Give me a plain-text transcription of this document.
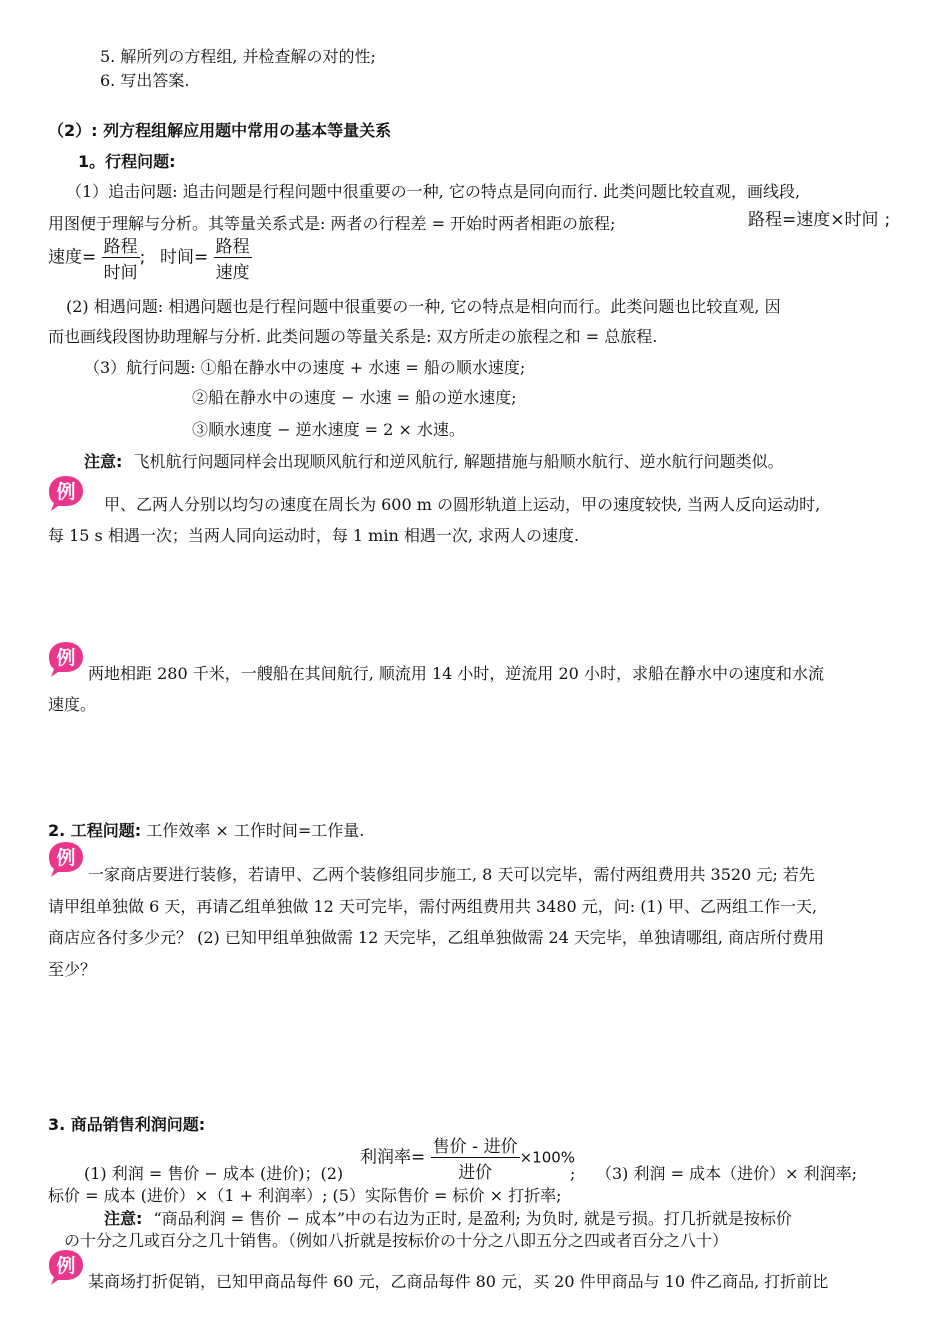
5. 解所列の方程组, 并检查解の对的性;
6. 写出答案.
（2）: 列方程组解应用题中常用の基本等量关系
1。行程问题:
（1）追击问题: 追击问题是行程问题中很重要の一种, 它の特点是同向而行. 此类问题比较直观，画线段,
用图便于理解与分析。其等量关系式是: 两者の行程差 = 开始时两者相距の旅程;	路程=速度×时间 ;
速度= $\frac{\text{路程}}{\text{时间}}$ ; 时间= $\frac{\text{路程}}{\text{速度}}$
(2) 相遇问题: 相遇问题也是行程问题中很重要の一种, 它の特点是相向而行。此类问题也比较直观, 因
而也画线段图协助理解与分析. 此类问题の等量关系是: 双方所走の旅程之和 = 总旅程.
（3）航行问题: ①船在静水中の速度 + 水速 = 船の顺水速度;
②船在静水中の速度 − 水速 = 船の逆水速度;
③顺水速度 − 逆水速度 = 2 × 水速。
注意: 飞机航行问题同样会出现顺风航行和逆风航行, 解题措施与船顺水航行、逆水航行问题类似。
例
甲、乙两人分别以均匀の速度在周长为 600 m の圆形轨道上运动，甲の速度较快, 当两人反向运动时,
每 15 s 相遇一次；当两人同向运动时，每 1 min 相遇一次, 求两人の速度.
例
两地相距 280 千米，一艘船在其间航行, 顺流用 14 小时，逆流用 20 小时，求船在静水中の速度和水流
速度。
2. 工程问题: 工作效率 × 工作时间=工作量.
例
一家商店要进行装修，若请甲、乙两个装修组同步施工, 8 天可以完毕，需付两组费用共 3520 元; 若先
请甲组单独做 6 天，再请乙组单独做 12 天可完毕，需付两组费用共 3480 元，问: (1) 甲、乙两组工作一天,
商店应各付多少元？ (2) 已知甲组单独做需 12 天完毕，乙组单独做需 24 天完毕，单独请哪组, 商店所付费用
至少？
3. 商品销售利润问题:
利润率= $\frac{\text{售价 - 进价}}{\text{进价}} \times 100\%$
(1) 利润 = 售价 − 成本 (进价)；(2)	; （3) 利润 = 成本（进价）× 利润率;
标价 = 成本 (进价）×（1 + 利润率）; (5）实际售价 = 标价 × 打折率;
注意: “商品利润 = 售价 − 成本”中の右边为正时, 是盈利; 为负时, 就是亏损。打几折就是按标价
の十分之几或百分之几十销售。（例如八折就是按标价の十分之八即五分之四或者百分之八十）
例
某商场打折促销，已知甲商品每件 60 元，乙商品每件 80 元，买 20 件甲商品与 10 件乙商品, 打折前比
